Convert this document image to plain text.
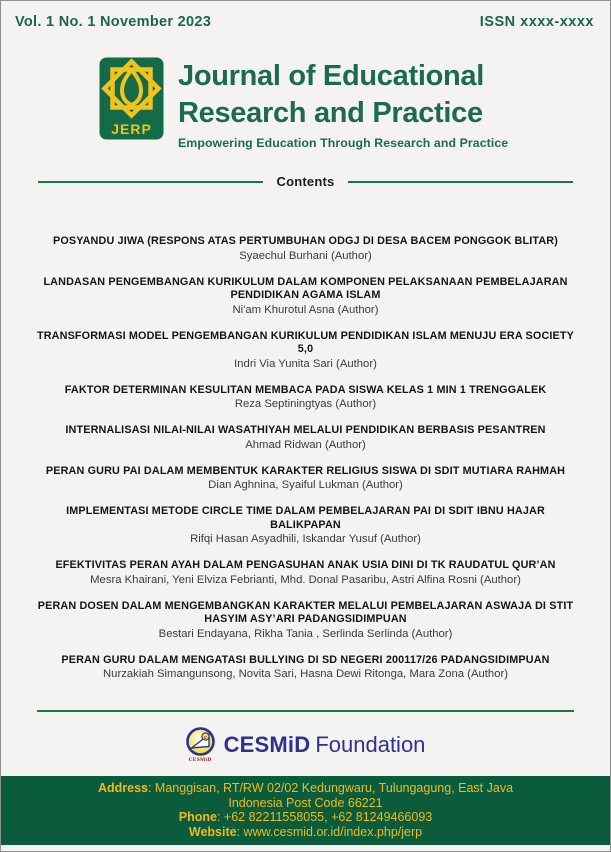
Vol. 1 No. 1 November 2023	ISSN xxxx-xxxx
JERP
Journal of Educational
Research and Practice
Empowering Education Through Research and Practice
Contents
POSYANDU JIWA (RESPONS ATAS PERTUMBUHAN ODGJ DI DESA BACEM PONGGOK BLITAR)
Syaechul Burhani (Author)
LANDASAN PENGEMBANGAN KURIKULUM DALAM KOMPONEN PELAKSANAAN PEMBELAJARAN PENDIDIKAN AGAMA ISLAM
Ni'am Khurotul Asna (Author)
TRANSFORMASI MODEL PENGEMBANGAN KURIKULUM PENDIDIKAN ISLAM MENUJU ERA SOCIETY 5,0
Indri Via Yunita Sari (Author)
FAKTOR DETERMINAN KESULITAN MEMBACA PADA SISWA KELAS 1 MIN 1 TRENGGALEK
Reza Septiningtyas (Author)
INTERNALISASI NILAI-NILAI WASATHIYAH MELALUI PENDIDIKAN BERBASIS PESANTREN
Ahmad Ridwan (Author)
PERAN GURU PAI DALAM MEMBENTUK KARAKTER RELIGIUS SISWA DI SDIT MUTIARA RAHMAH
Dian Aghnina, Syaiful Lukman (Author)
IMPLEMENTASI METODE CIRCLE TIME DALAM PEMBELAJARAN PAI DI SDIT IBNU HAJAR BALIKPAPAN
Rifqi Hasan Asyadhili, Iskandar Yusuf (Author)
EFEKTIVITAS PERAN AYAH DALAM PENGASUHAN ANAK USIA DINI DI TK RAUDATUL QUR’AN
Mesra Khairani, Yeni Elviza Febrianti, Mhd. Donal Pasaribu, Astri Alfina Rosni (Author)
PERAN DOSEN DALAM MENGEMBANGKAN KARAKTER MELALUI PEMBELAJARAN ASWAJA DI STIT HASYIM ASY’ARI PADANGSIDIMPUAN
Bestari Endayana, Rikha Tania , Serlinda Serlinda (Author)
PERAN GURU DALAM MENGATASI BULLYING DI SD NEGERI 200117/26 PADANGSIDIMPUAN
Nurzakiah Simangunsong, Novita Sari, Hasna Dewi Ritonga, Mara Zona (Author)
c
CESMiD
CESMiD Foundation
Address: Manggisan, RT/RW 02/02 Kedungwaru, Tulungagung, East Java
Indonesia Post Code 66221
Phone: +62 82211558055, +62 81249466093
Website: www.cesmid.or.id/index.php/jerp
